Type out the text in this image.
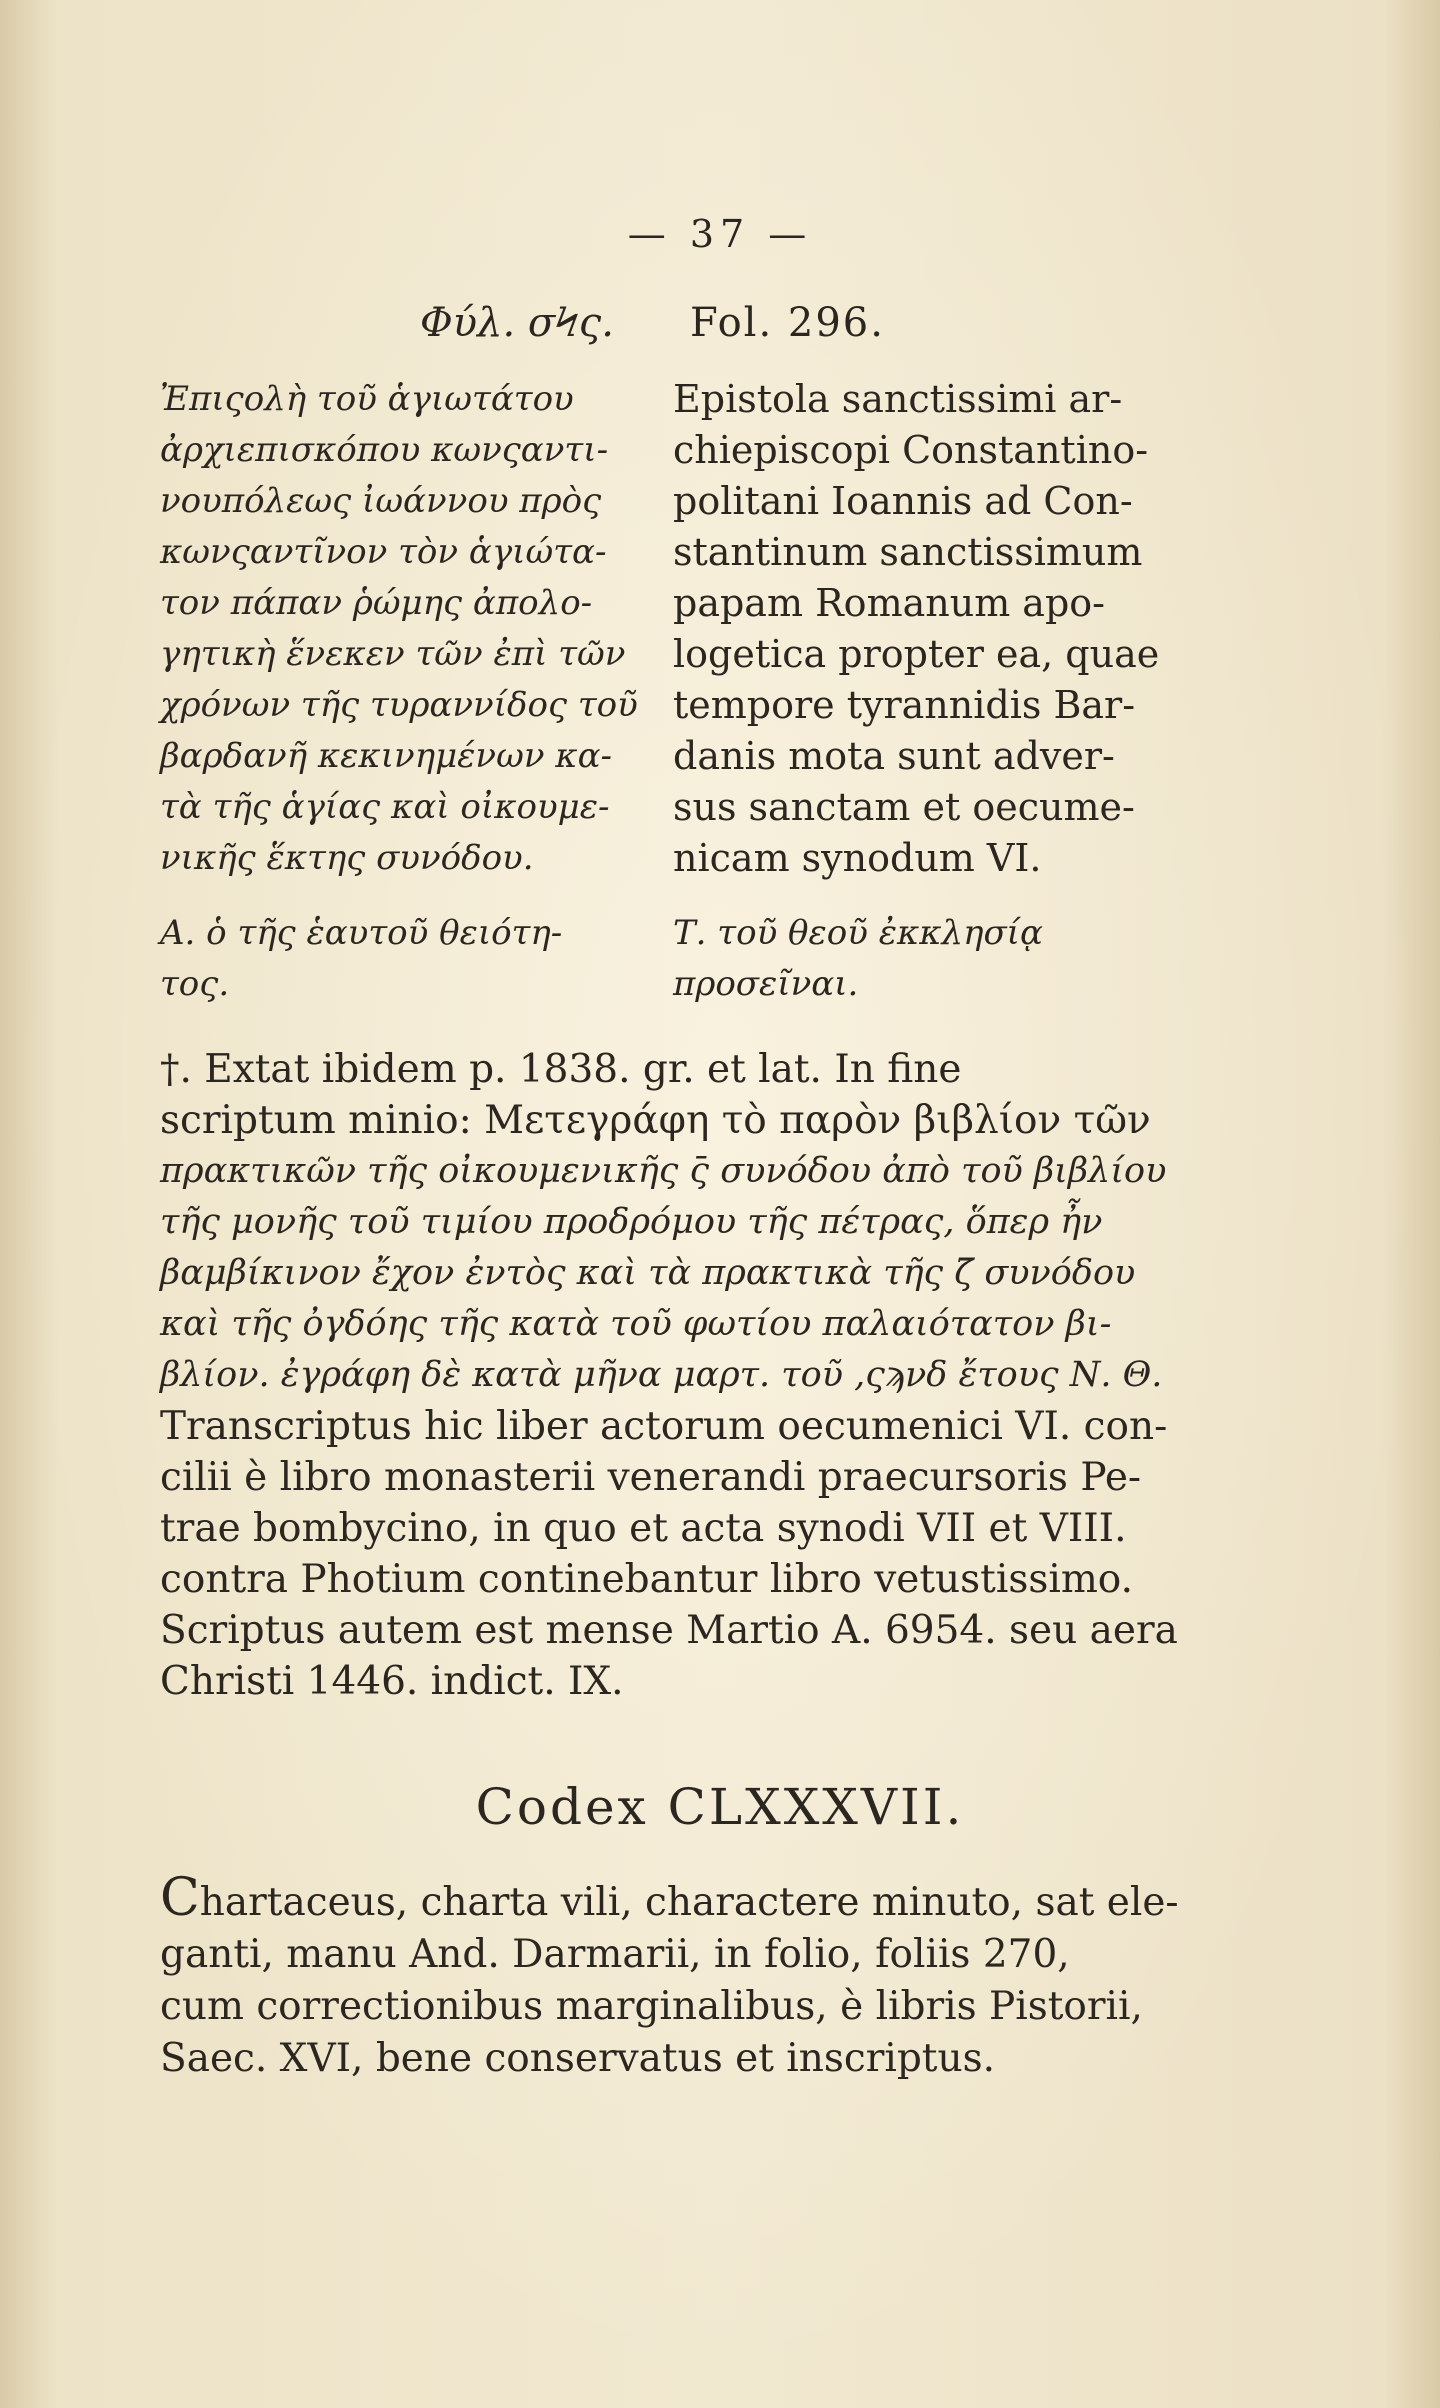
— 37 —
Φύλ. σϞς. Fol. 296.
Ἐπιςολὴ τοῦ ἁγιωτάτου
ἀρχιεπισκόπου κωνςαντι-
νουπόλεως ἰωάννου πρὸς
κωνςαντῖνον τὸν ἁγιώτα-
τον πάπαν ῥώμης ἀπολο-
γητικὴ ἕνεκεν τῶν ἐπὶ τῶν
χρόνων τῆς τυραννίδος τοῦ
βαρδανῆ κεκινημένων κα-
τὰ τῆς ἁγίας καὶ οἰκουμε-
νικῆς ἕκτης συνόδου.
Α. ὁ τῆς ἑαυτοῦ θειότη-
τος.
Epistola sanctissimi ar-
chiepiscopi Constantino-
politani Ioannis ad Con-
stantinum sanctissimum
papam Romanum apo-
logetica propter ea, quae
tempore tyrannidis Bar-
danis mota sunt adver-
sus sanctam et oecume-
nicam synodum VI.
Τ. τοῦ θεοῦ ἐκκλησίᾳ
προσεῖναι.
†. Extat ibidem p. 1838. gr. et lat. In fine
scriptum minio: Μετεγράφη τὸ παρὸν βιβλίον τῶν
πρακτικῶν τῆς οἰκουμενικῆς ς̄ συνόδου ἀπὸ τοῦ βιβλίου
τῆς μονῆς τοῦ τιμίου προδρόμου τῆς πέτρας, ὅπερ ἦν
βαμβίκινον ἔχον ἐντὸς καὶ τὰ πρακτικὰ τῆς ζ̄ συνόδου
καὶ τῆς ὀγδόης τῆς κατὰ τοῦ φωτίου παλαιότατον βι-
βλίον. ἐγράφη δὲ κατὰ μῆνα μαρτ. τοῦ ,ςϡνδ ἔτους Ν. Θ.
Transcriptus hic liber actorum oecumenici VI. con-
cilii è libro monasterii venerandi praecursoris Pe-
trae bombycino, in quo et acta synodi VII et VIII.
contra Photium continebantur libro vetustissimo.
Scriptus autem est mense Martio A. 6954. seu aera
Christi 1446. indict. IX.
Codex CLXXXVII.
Chartaceus, charta vili, charactere minuto, sat ele-
ganti, manu And. Darmarii, in folio, foliis 270,
cum correctionibus marginalibus, è libris Pistorii,
Saec. XVI, bene conservatus et inscriptus.
